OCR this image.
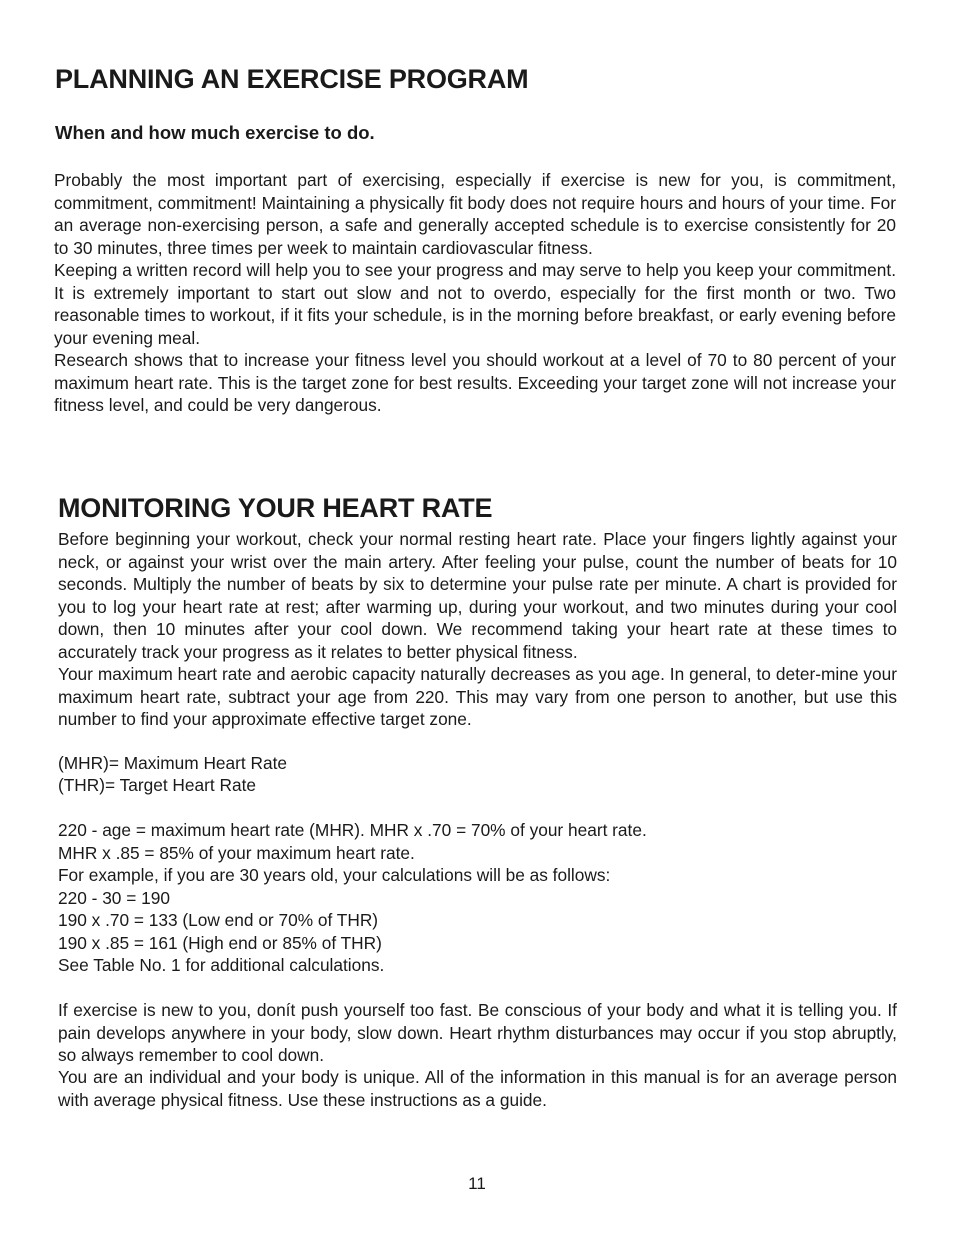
PLANNING AN EXERCISE PROGRAM
When and how much exercise to do.

Probably the most important part of exercising, especially if exercise is new for you, is commitment, commitment, commitment! Maintaining a physically fit body does not require hours and hours of your time. For an average non-exercising person, a safe and generally accepted schedule is to exercise consistently for 20 to 30 minutes, three times per week to maintain cardiovascular fitness.

Keeping a written record will help you to see your progress and may serve to help you keep your commitment. It is extremely important to start out slow and not to overdo, especially for the first month or two. Two reasonable times to workout, if it fits your schedule, is in the morning before breakfast, or early evening before your evening meal.

Research shows that to increase your fitness level you should workout at a level of 70 to 80 percent of your maximum heart rate. This is the target zone for best results. Exceeding your target zone will not increase your fitness level, and could be very dangerous.

MONITORING YOUR HEART RATE

Before beginning your workout, check your normal resting heart rate. Place your fingers lightly against your neck, or against your wrist over the main artery. After feeling your pulse, count the number of beats for 10 seconds. Multiply the number of beats by six to determine your pulse rate per minute. A chart is provided for you to log your heart rate at rest; after warming up, during your workout, and two minutes during your cool down, then 10 minutes after your cool down. We recommend taking your heart rate at these times to accurately track your progress as it relates to better physical fitness.

Your maximum heart rate and aerobic capacity naturally decreases as you age. In general, to deter-mine your maximum heart rate, subtract your age from 220. This may vary from one person to another, but use this number to find your approximate effective target zone.

(MHR)= Maximum Heart Rate
(THR)= Target Heart Rate
220 - age = maximum heart rate (MHR). MHR x .70 = 70% of your heart rate.
MHR x .85 = 85% of your maximum heart rate.
For example, if you are 30 years old, your calculations will be as follows:
220 - 30 = 190
190 x .70 = 133 (Low end or 70% of THR)
190 x .85 = 161 (High end or 85% of THR)
See Table No. 1 for additional calculations.

If exercise is new to you, donít push yourself too fast. Be conscious of your body and what it is telling you. If pain develops anywhere in your body, slow down. Heart rhythm disturbances may occur if you stop abruptly, so always remember to cool down.

You are an individual and your body is unique. All of the information in this manual is for an average person with average physical fitness. Use these instructions as a guide.

11
